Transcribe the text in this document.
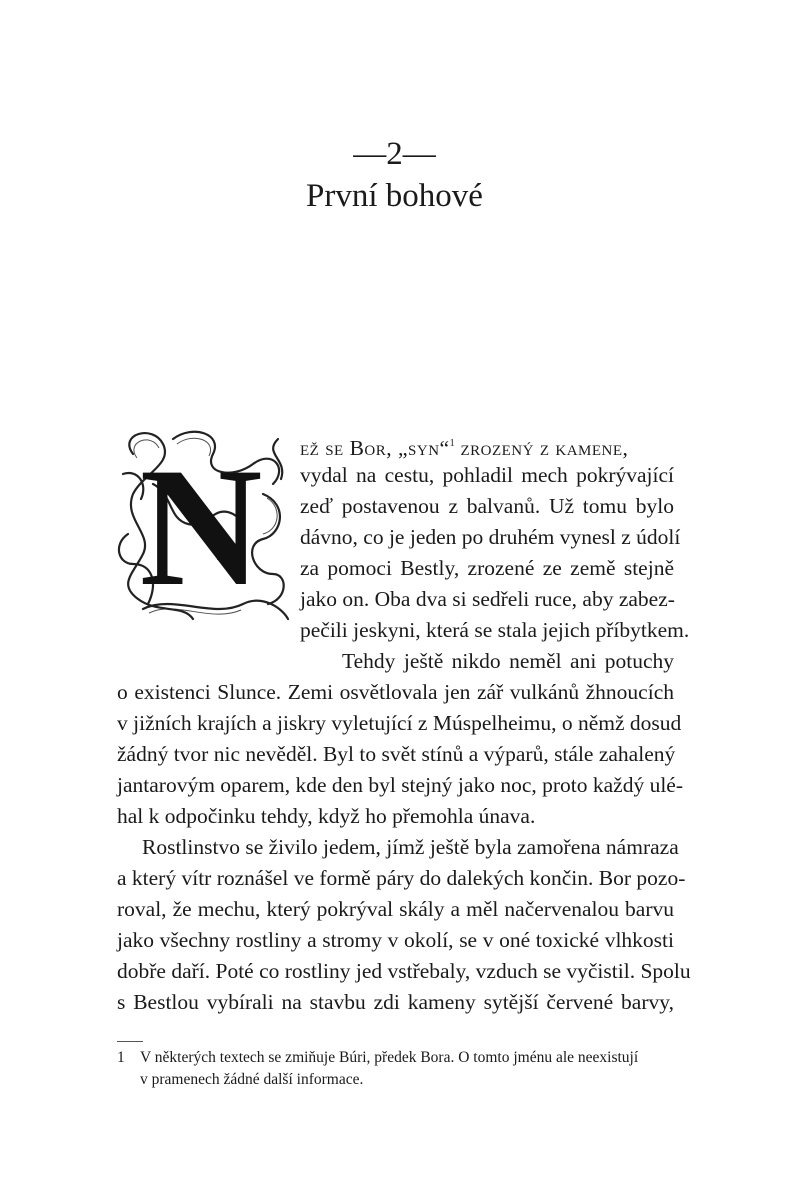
—2—
První bohové
N ež se Bor, „syn“$^1$ zrozený z kamene,
vydal na cestu, pohladil mech pokrývající
zeď postavenou z balvanů. Už tomu bylo
dávno, co je jeden po druhém vynesl z údolí
za pomoci Bestly, zrozené ze země stejně
jako on. Oba dva si sedřeli ruce, aby zabez-
pečili jeskyni, která se stala jejich příbytkem.
Tehdy ještě nikdo neměl ani potuchy
o existenci Slunce. Zemi osvětlovala jen zář vulkánů žhnoucích
v jižních krajích a jiskry vyletující z Múspelheimu, o němž dosud
žádný tvor nic nevěděl. Byl to svět stínů a výparů, stále zahalený
jantarovým oparem, kde den byl stejný jako noc, proto každý ulé-
hal k odpočinku tehdy, když ho přemohla únava.
Rostlinstvo se živilo jedem, jímž ještě byla zamořena námraza
a který vítr roznášel ve formě páry do dalekých končin. Bor pozo-
roval, že mechu, který pokrýval skály a měl načervenalou barvu
jako všechny rostliny a stromy v okolí, se v oné toxické vlhkosti
dobře daří. Poté co rostliny jed vstřebaly, vzduch se vyčistil. Spolu
s Bestlou vybírali na stavbu zdi kameny sytější červené barvy,
1 V některých textech se zmiňuje Búri, předek Bora. O tomto jménu ale neexistují
v pramenech žádné další informace.
